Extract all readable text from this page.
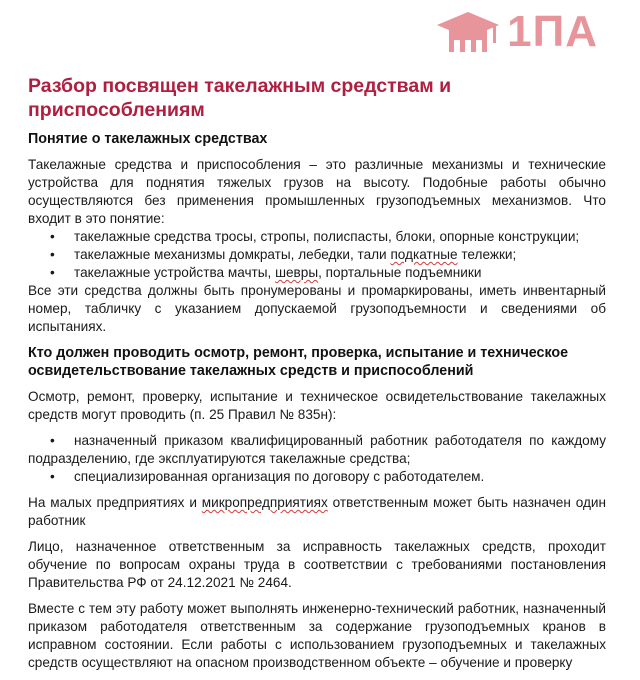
1ПА
Разбор посвящен такелажным средствам и приспособлениям
Понятие о такелажных средствах

Такелажные средства и приспособления – это различные механизмы и технические устройства для поднятия тяжелых грузов на высоту. Подобные работы обычно осуществляются без применения промышленных грузоподъемных механизмов. Что входит в это понятие:

• такелажные средства тросы, стропы, полиспасты, блоки, опорные конструкции;
• такелажные механизмы домкраты, лебедки, тали подкатные тележки;
• такелажные устройства мачты, шевры, портальные подъемники

Все эти средства должны быть пронумерованы и промаркированы, иметь инвентарный номер, табличку с указанием допускаемой грузоподъемности и сведениями об испытаниях.

Кто должен проводить осмотр, ремонт, проверка, испытание и техническое освидетельствование такелажных средств и приспособлений

Осмотр, ремонт, проверку, испытание и техническое освидетельствование такелажных средств могут проводить (п. 25 Правил № 835н):

• назначенный приказом квалифицированный работник работодателя по каждому подразделению, где эксплуатируются такелажные средства;
• специализированная организация по договору с работодателем.

На малых предприятиях и микропредприятиях ответственным может быть назначен один работник

Лицо, назначенное ответственным за исправность такелажных средств, проходит обучение по вопросам охраны труда в соответствии с требованиями постановления Правительства РФ от 24.12.2021 № 2464.

Вместе с тем эту работу может выполнять инженерно-технический работник, назначенный приказом работодателя ответственным за содержание грузоподъемных кранов в исправном состоянии. Если работы с использованием грузоподъемных и такелажных средств осуществляют на опасном производственном объекте – обучение и проверку
